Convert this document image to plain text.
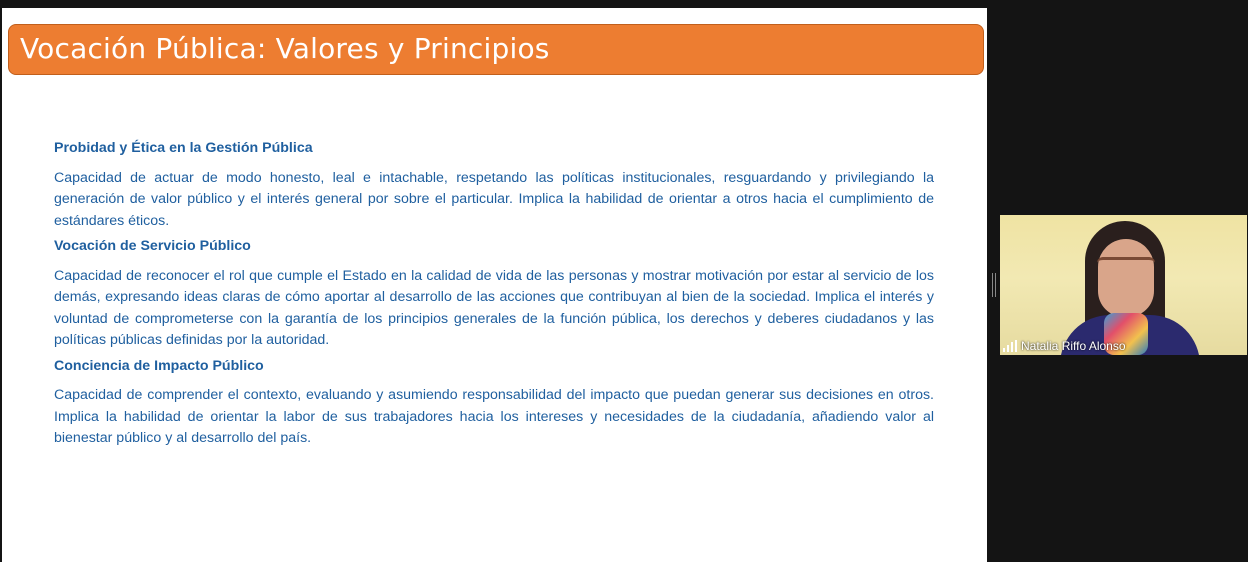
Vocación Pública: Valores y Principios
Probidad y Ética en la Gestión Pública
Capacidad de actuar de modo honesto, leal e intachable, respetando las políticas institucionales, resguardando y privilegiando la generación de valor público y el interés general por sobre el particular. Implica la habilidad de orientar a otros hacia el cumplimiento de estándares éticos.
Vocación de Servicio Público
Capacidad de reconocer el rol que cumple el Estado en la calidad de vida de las personas y mostrar motivación por estar al servicio de los demás, expresando ideas claras de cómo aportar al desarrollo de las acciones que contribuyan al bien de la sociedad. Implica el interés y voluntad de comprometerse con la garantía de los principios generales de la función pública, los derechos y deberes ciudadanos y las políticas públicas definidas por la autoridad.
Conciencia de Impacto Público
Capacidad de comprender el contexto, evaluando y asumiendo responsabilidad del impacto que puedan generar sus decisiones en otros. Implica la habilidad de orientar la labor de sus trabajadores hacia los intereses y necesidades de la ciudadanía, añadiendo valor al bienestar público y al desarrollo del país.
Natalia Riffo Alonso
